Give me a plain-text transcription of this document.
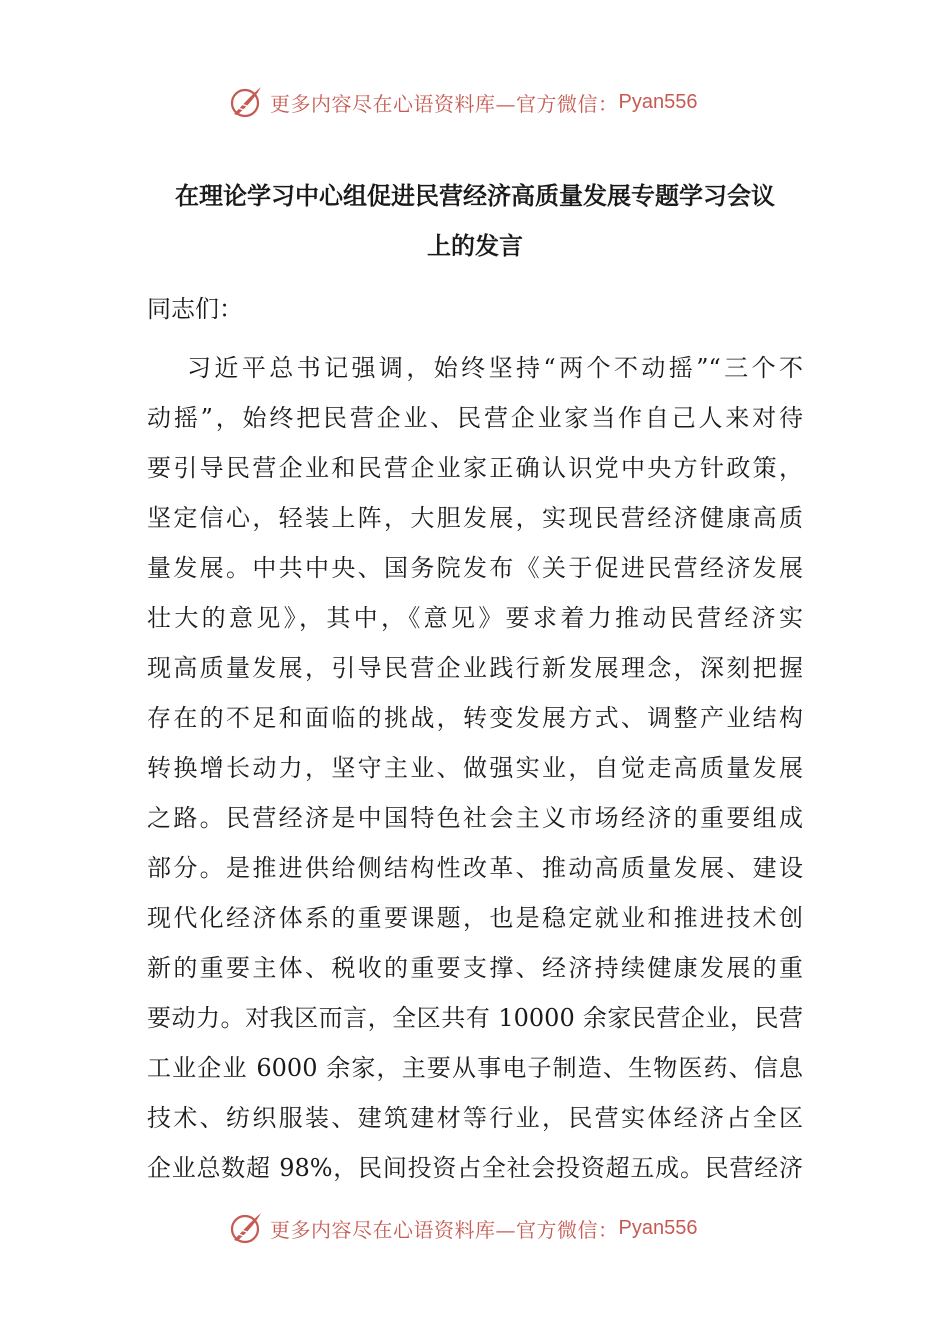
更多内容尽在心语资料库—官方微信： Pyan556
在理论学习中心组促进民营经济高质量发展专题学习会议
上的发言

同志们：

习近平总书记强调，始终坚持“两个不动摇”“三个不
动摇”，始终把民营企业、民营企业家当作自己人来对待
要引导民营企业和民营企业家正确认识党中央方针政策，
坚定信心，轻装上阵，大胆发展，实现民营经济健康高质
量发展。中共中央、国务院发布《关于促进民营经济发展
壮大的意见》，其中，《意见》要求着力推动民营经济实
现高质量发展，引导民营企业践行新发展理念，深刻把握
存在的不足和面临的挑战，转变发展方式、调整产业结构
转换增长动力，坚守主业、做强实业，自觉走高质量发展
之路。民营经济是中国特色社会主义市场经济的重要组成
部分。是推进供给侧结构性改革、推动高质量发展、建设
现代化经济体系的重要课题，也是稳定就业和推进技术创
新的重要主体、税收的重要支撑、经济持续健康发展的重
要动力。对我区而言，全区共有 10000 余家民营企业，民营
工业企业 6000 余家，主要从事电子制造、生物医药、信息
技术、纺织服装、建筑建材等行业，民营实体经济占全区
企业总数超 98%，民间投资占全社会投资超五成。民营经济
更多内容尽在心语资料库—官方微信： Pyan556
